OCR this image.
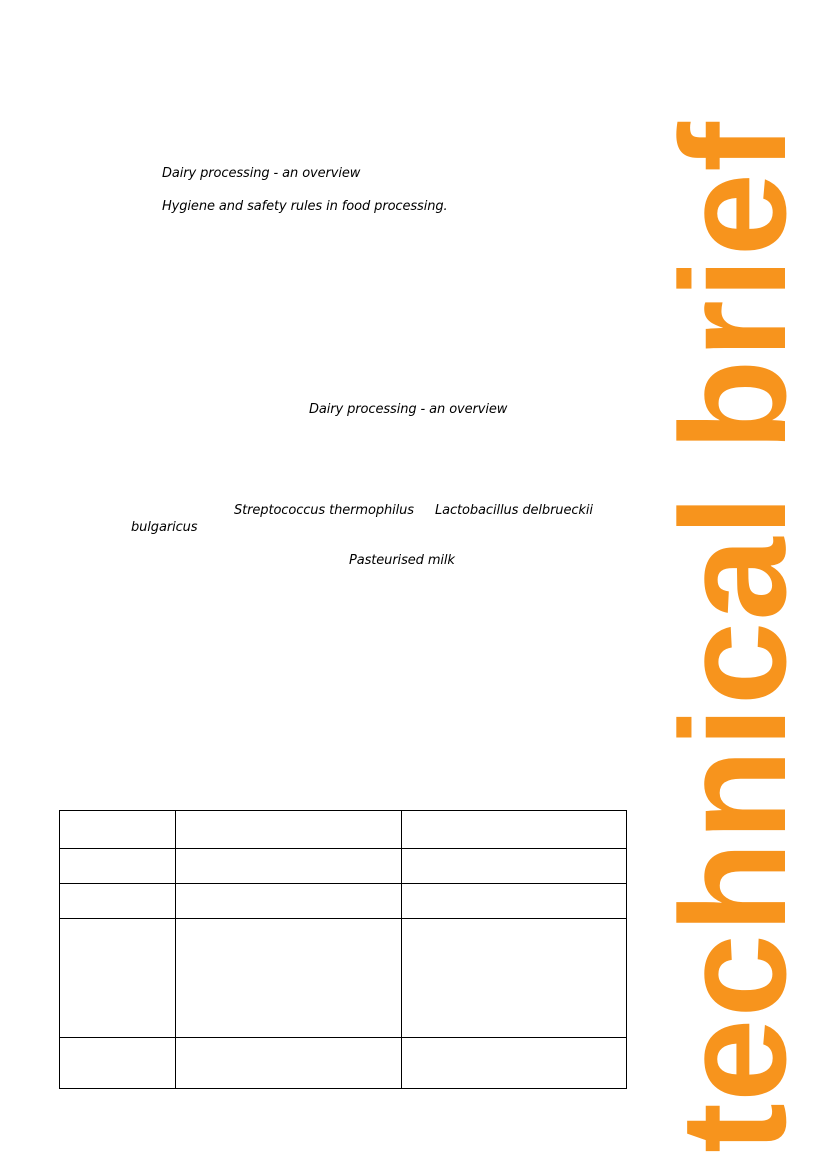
Dairy processing - an overview
Hygiene and safety rules in food processing.
Dairy processing - an overview
Streptococcus thermophilus Lactobacillus delbrueckii
bulgaricus
Pasteurised milk

		technical brief
